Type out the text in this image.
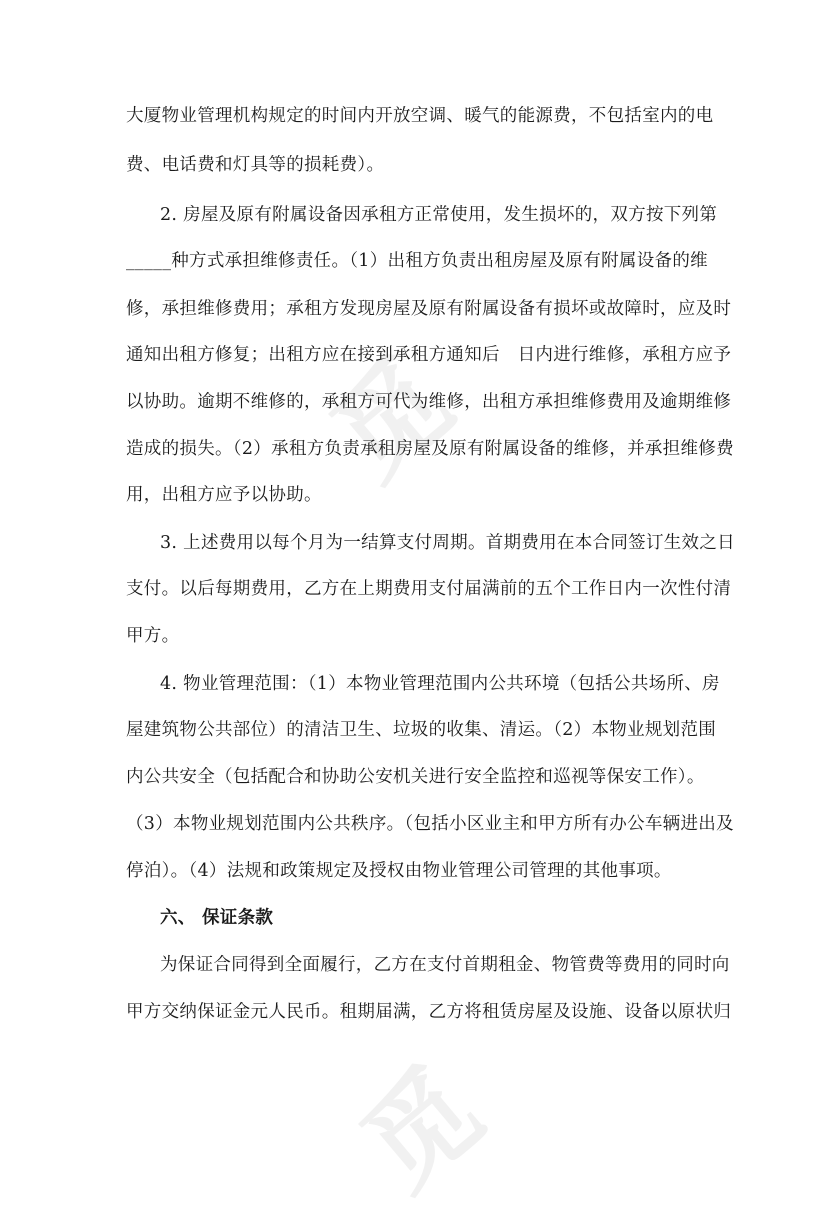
觅
觅
大厦物业管理机构规定的时间内开放空调、暖气的能源费，不包括室内的电
费、电话费和灯具等的损耗费）。
2. 房屋及原有附属设备因承租方正常使用，发生损坏的，双方按下列第
_____种方式承担维修责任。（1）出租方负责出租房屋及原有附属设备的维
修，承担维修费用；承租方发现房屋及原有附属设备有损坏或故障时，应及时
通知出租方修复；出租方应在接到承租方通知后　日内进行维修，承租方应予
以协助。逾期不维修的，承租方可代为维修，出租方承担维修费用及逾期维修
造成的损失。（2）承租方负责承租房屋及原有附属设备的维修，并承担维修费
用，出租方应予以协助。
3. 上述费用以每个月为一结算支付周期。首期费用在本合同签订生效之日
支付。以后每期费用，乙方在上期费用支付届满前的五个工作日内一次性付清
甲方。
4. 物业管理范围：（1）本物业管理范围内公共环境（包括公共场所、房
屋建筑物公共部位）的清洁卫生、垃圾的收集、清运。（2）本物业规划范围
内公共安全（包括配合和协助公安机关进行安全监控和巡视等保安工作）。
（3）本物业规划范围内公共秩序。（包括小区业主和甲方所有办公车辆进出及
停泊）。（4）法规和政策规定及授权由物业管理公司管理的其他事项。
六、 保证条款
为保证合同得到全面履行，乙方在支付首期租金、物管费等费用的同时向
甲方交纳保证金元人民币。租期届满，乙方将租赁房屋及设施、设备以原状归
